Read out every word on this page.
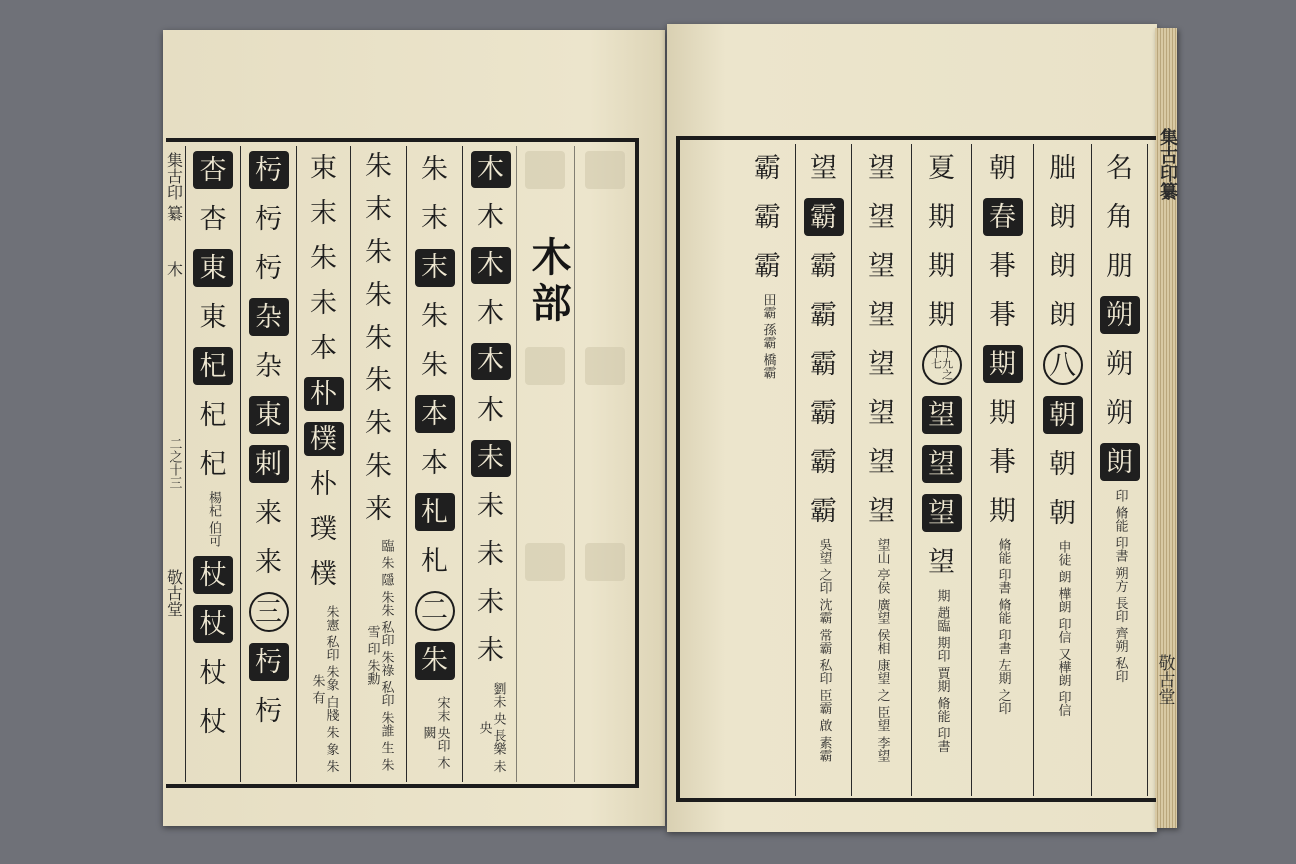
集古印 纂
木
二之十三
敬古堂
杏
杏
東
東
杞
杞
杞
楊杞 伯可
杖
杖
杖
杖
杇
杇
杇
杂
杂
東
剌
来
来
三
杇
杇
束
末
朱
未
本
朴
樸
朴
璞
樸
朱憲 私印 朱象 白牋 朱 象 朱朱 有
朱
末
朱
朱
朱
朱
朱
朱
来
臨 朱 隱 朱朱 私印 朱祿 私印 朱誰 生 朱雪 印 朱勳
朱
末
末
朱
朱
本
本
札
札
二
朱
宋末 央印 木 闕
木
木
木
木
木
木
未
未
未
未
未
劉未 央 長樂 未央
木部
名
角
朋
朔
朔
朔
朗
印 脩能 印書 朔方 長印 齊朔 私印
朏
朗
朗
朗
八
朝
朝
朝
申徒 朗 樺朗 印信 又樺朗 印信
朝
春
朞
朞
期
期
朞
期
脩能 印書 脩能 印書 左期 之印
夏
期
期
期
十九之十七
望
望
望
望
期 趙臨 期印 賈期 脩能 印書
望
望
望
望
望
望
望
望
望山 亭侯 廣望 侯相 康望 之 臣望 李望
望
霸
霸
霸
霸
霸
霸
霸
吳望 之印 沈霸 常霸 私印 臣霸 啟 素霸
霸
霸
霸
田霸 孫霸 橋霸
集古印纂
敬古堂
